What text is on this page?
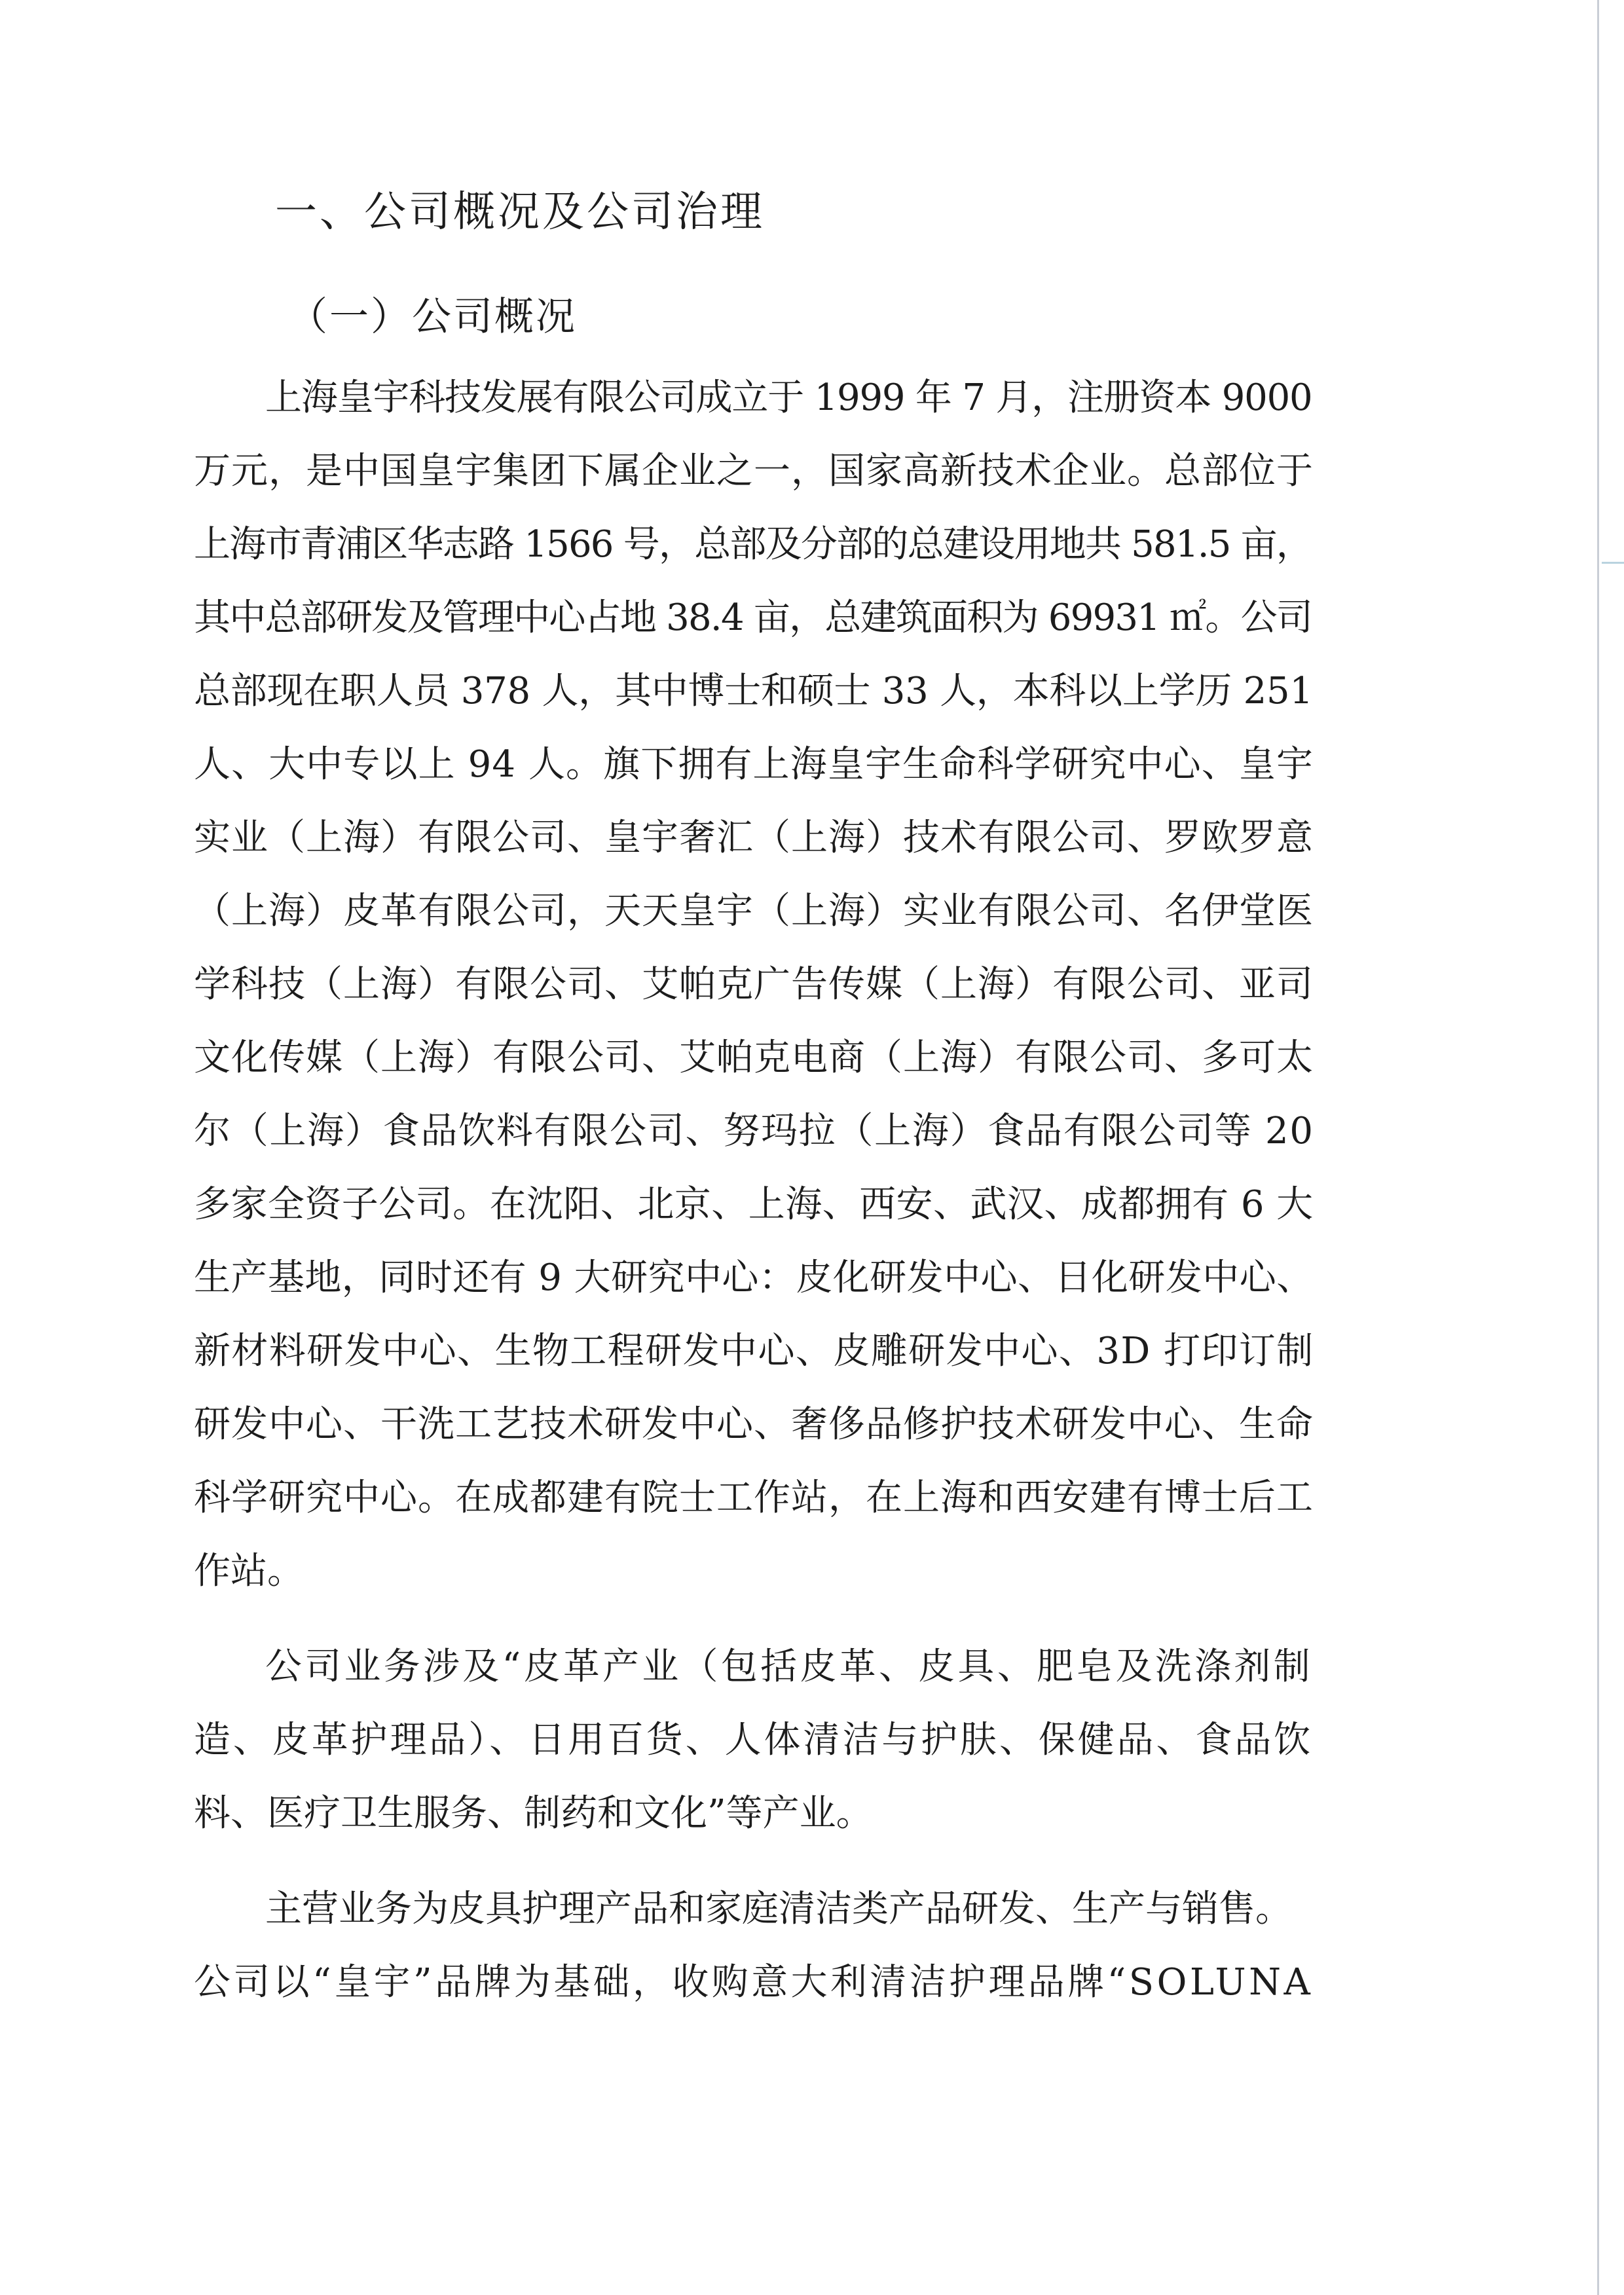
一、公司概况及公司治理
（一）公司概况
上海皇宇科技发展有限公司成立于 1999 年 7 月，注册资本 9000
万元，是中国皇宇集团下属企业之一，国家高新技术企业。总部位于
上海市青浦区华志路 1566 号，总部及分部的总建设用地共 581.5 亩，
其中总部研发及管理中心占地 38.4 亩，总建筑面积为 69931 ㎡。公司
总部现在职人员 378 人，其中博士和硕士 33 人，本科以上学历 251
人、大中专以上 94 人。旗下拥有上海皇宇生命科学研究中心、皇宇
实业（上海）有限公司、皇宇奢汇（上海）技术有限公司、罗欧罗意
（上海）皮革有限公司，天天皇宇（上海）实业有限公司、名伊堂医
学科技（上海）有限公司、艾帕克广告传媒（上海）有限公司、亚司
文化传媒（上海）有限公司、艾帕克电商（上海）有限公司、多可太
尔（上海）食品饮料有限公司、努玛拉（上海）食品有限公司等 20
多家全资子公司。在沈阳、北京、上海、西安、武汉、成都拥有 6 大
生产基地，同时还有 9 大研究中心：皮化研发中心、日化研发中心、
新材料研发中心、生物工程研发中心、皮雕研发中心、3D 打印订制
研发中心、干洗工艺技术研发中心、奢侈品修护技术研发中心、生命
科学研究中心。在成都建有院士工作站，在上海和西安建有博士后工
作站。
公司业务涉及“皮革产业（包括皮革、皮具、肥皂及洗涤剂制
造、皮革护理品）、日用百货、人体清洁与护肤、保健品、食品饮
料、医疗卫生服务、制药和文化”等产业。
主营业务为皮具护理产品和家庭清洁类产品研发、生产与销售。
公司以“皇宇”品牌为基础，收购意大利清洁护理品牌“SOLUNA
